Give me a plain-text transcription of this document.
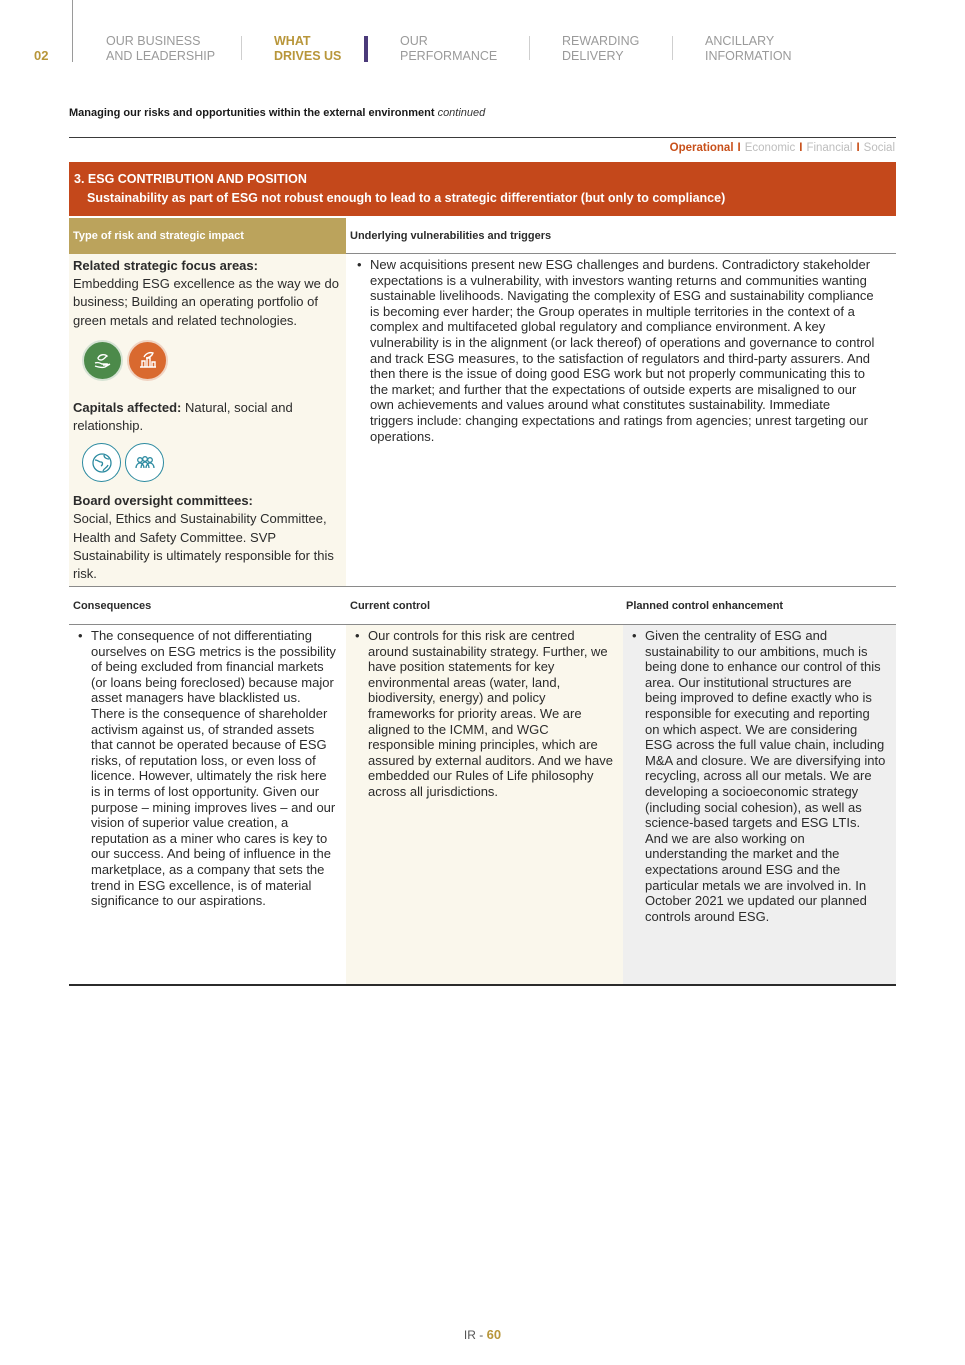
02
OUR BUSINESS
AND LEADERSHIP
WHAT
DRIVES US
OUR
PERFORMANCE
REWARDING
DELIVERY
ANCILLARY
INFORMATION
Managing our risks and opportunities within the external environment continued
Operational I Economic I Financial I Social
3. ESG CONTRIBUTION AND POSITION
Sustainability as part of ESG not robust enough to lead to a strategic differentiator (but only to compliance)
Type of risk and strategic impact	Underlying vulnerabilities and triggers
Related strategic focus areas:
Embedding ESG excellence as the way we do business; Building an operating portfolio of green metals and related technologies.
Capitals affected: Natural, social and relationship.
Board oversight committees:
Social, Ethics and Sustainability Committee, Health and Safety Committee. SVP Sustainability is ultimately responsible for this risk.
• New acquisitions present new ESG challenges and burdens. Contradictory stakeholder expectations is a vulnerability, with investors wanting returns and communities wanting sustainable livelihoods. Navigating the complexity of ESG and sustainability compliance is becoming ever harder; the Group operates in multiple territories in the context of a complex and multifaceted global regulatory and compliance environment. A key vulnerability is in the alignment (or lack thereof) of operations and governance to control and track ESG measures, to the satisfaction of regulators and third-party assurers. And then there is the issue of doing good ESG work but not properly communicating this to the market; and further that the expectations of outside experts are misaligned to our own achievements and values around what constitutes sustainability. Immediate triggers include: changing expectations and ratings from agencies; unrest targeting our operations.
Consequences	Current control	Planned control enhancement
• The consequence of not differentiating ourselves on ESG metrics is the possibility of being excluded from financial markets (or loans being foreclosed) because major asset managers have blacklisted us. There is the consequence of shareholder activism against us, of stranded assets that cannot be operated because of ESG risks, of reputation loss, or even loss of licence. However, ultimately the risk here is in terms of lost opportunity. Given our purpose – mining improves lives – and our vision of superior value creation, a reputation as a miner who cares is key to our success. And being of influence in the marketplace, as a company that sets the trend in ESG excellence, is of material significance to our aspirations.
• Our controls for this risk are centred around sustainability strategy. Further, we have position statements for key environmental areas (water, land, biodiversity, energy) and policy frameworks for priority areas. We are aligned to the ICMM, and WGC responsible mining principles, which are assured by external auditors. And we have embedded our Rules of Life philosophy across all jurisdictions.
• Given the centrality of ESG and sustainability to our ambitions, much is being done to enhance our control of this area. Our institutional structures are being improved to define exactly who is responsible for executing and reporting on which aspect. We are considering ESG across the full value chain, including M&A and closure. We are diversifying into recycling, across all our metals. We are developing a socioeconomic strategy (including social cohesion), as well as science-based targets and ESG LTIs. And we are also working on understanding the market and the expectations around ESG and the particular metals we are involved in. In October 2021 we updated our planned controls around ESG.
IR - 60
